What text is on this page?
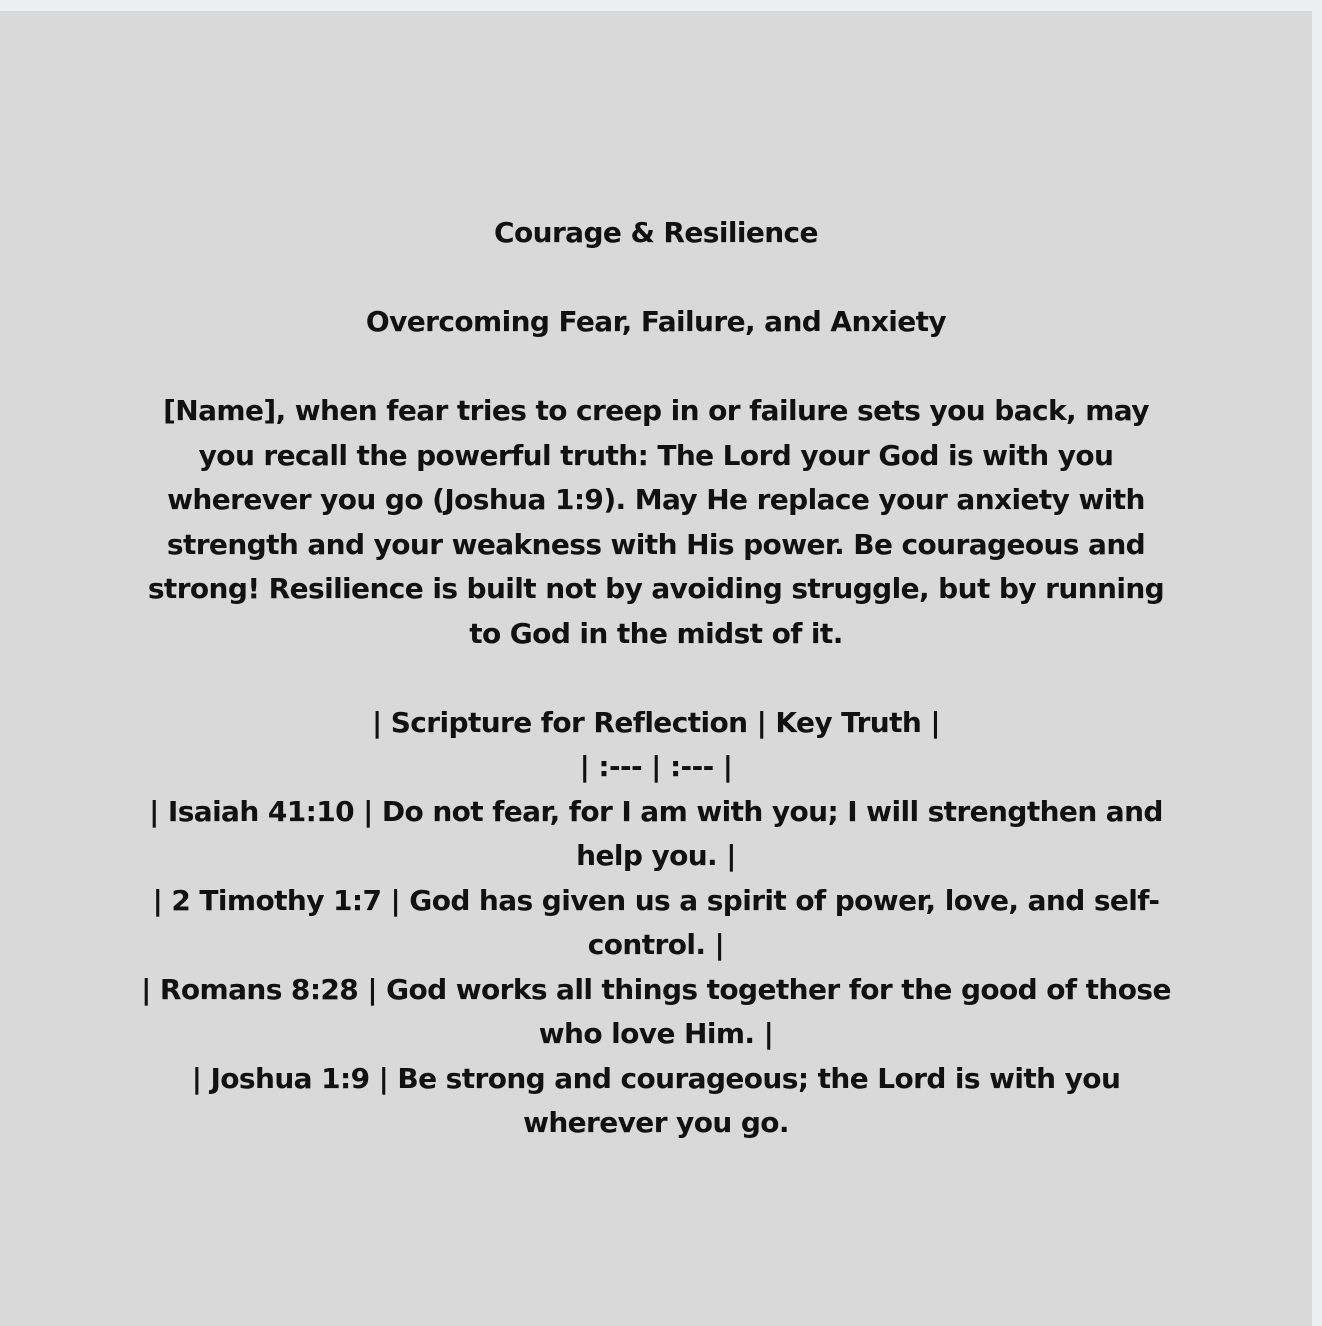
Courage & Resilience

Overcoming Fear, Failure, and Anxiety

[Name], when fear tries to creep in or failure sets you back, may you recall the powerful truth: The Lord your God is with you wherever you go (Joshua 1:9). May He replace your anxiety with strength and your weakness with His power. Be courageous and strong! Resilience is built not by avoiding struggle, but by running to God in the midst of it.

| Scripture for Reflection | Key Truth |

| :--- | :--- |

| Isaiah 41:10 | Do not fear, for I am with you; I will strengthen and help you. |

| 2 Timothy 1:7 | God has given us a spirit of power, love, and self-control. |

| Romans 8:28 | God works all things together for the good of those who love Him. |

| Joshua 1:9 | Be strong and courageous; the Lord is with you wherever you go.
